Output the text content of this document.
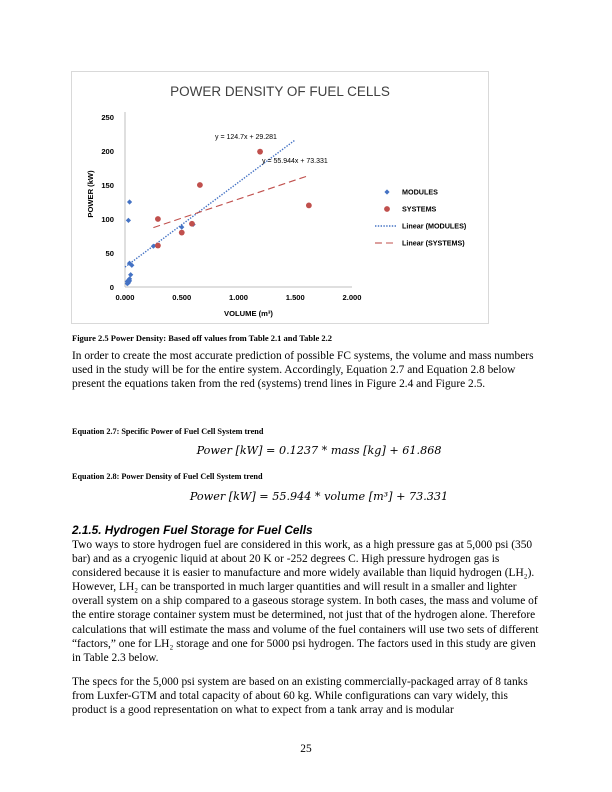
POWER DENSITY OF FUEL CELLS
0
50
100
150
200
250
0.000	0.500	1.000	1.500	2.000
VOLUME (m³)
POWER (kW)
y = 124.7x + 29.281
y = 55.944x + 73.331
MODULES
SYSTEMS
Linear (MODULES)
Linear (SYSTEMS)
Figure 2.5 Power Density: Based off values from Table 2.1 and Table 2.2
In order to create the most accurate prediction of possible FC systems, the volume and mass numbers used in the study will be for the entire system. Accordingly, Equation 2.7 and Equation 2.8 below present the equations taken from the red (systems) trend lines in Figure 2.4 and Figure 2.5.
Equation 2.7: Specific Power of Fuel Cell System trend
Power [kW] = 0.1237 * mass [kg] + 61.868
Equation 2.8: Power Density of Fuel Cell System trend
Power [kW] = 55.944 * volume [m³] + 73.331
2.1.5. Hydrogen Fuel Storage for Fuel Cells
Two ways to store hydrogen fuel are considered in this work, as a high pressure gas at 5,000 psi (350 bar) and as a cryogenic liquid at about 20 K or -252 degrees C. High pressure hydrogen gas is considered because it is easier to manufacture and more widely available than liquid hydrogen (LH₂). However, LH₂ can be transported in much larger quantities and will result in a smaller and lighter overall system on a ship compared to a gaseous storage system. In both cases, the mass and volume of the entire storage container system must be determined, not just that of the hydrogen alone. Therefore calculations that will estimate the mass and volume of the fuel containers will use two sets of different “factors,” one for LH₂ storage and one for 5000 psi hydrogen. The factors used in this study are given in Table 2.3 below.
The specs for the 5,000 psi system are based on an existing commercially-packaged array of 8 tanks from Luxfer-GTM and total capacity of about 60 kg. While configurations can vary widely, this product is a good representation on what to expect from a tank array and is modular
25
